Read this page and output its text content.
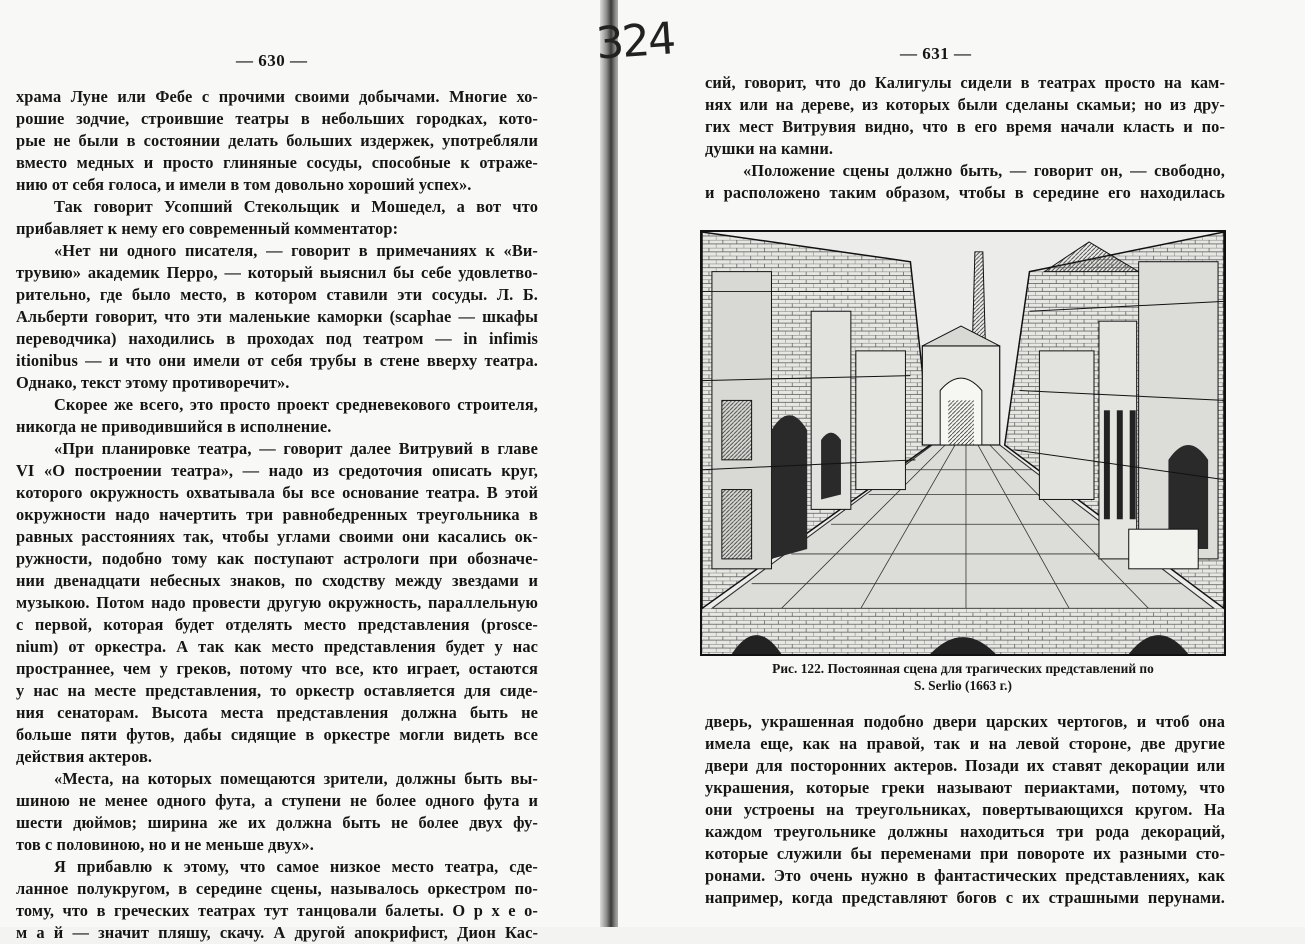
— 630 —
храма Луне или Фебе с прочими своими добычами. Многие хо-
рошие зодчие, строившие театры в небольших городках, кото-
рые не были в состоянии делать больших издержек, употребляли
вместо медных и просто глиняные сосуды, способные к отраже-
нию от себя голоса, и имели в том довольно хороший успех».
Так говорит Усопший Стекольщик и Мошедел, а вот что
прибавляет к нему его современный комментатор:
«Нет ни одного писателя, — говорит в примечаниях к «Ви-
трувию» академик Перро, — который выяснил бы себе удовлетво-
рительно, где было место, в котором ставили эти сосуды. Л. Б.
Альберти говорит, что эти маленькие каморки (scaphae — шкафы
переводчика) находились в проходах под театром — in infimis
itionibus — и что они имели от себя трубы в стене вверху театра.
Однако, текст этому противоречит».
Скорее же всего, это просто проект средневекового строителя,
никогда не приводившийся в исполнение.
«При планировке театра, — говорит далее Витрувий в главе
VI «О построении театра», — надо из средоточия описать круг,
которого окружность охватывала бы все основание театра. В этой
окружности надо начертить три равнобедренных треугольника в
равных расстояниях так, чтобы углами своими они касались ок-
ружности, подобно тому как поступают астрологи при обозначе-
нии двенадцати небесных знаков, по сходству между звездами и
музыкою. Потом надо провести другую окружность, параллельную
с первой, которая будет отделять место представления (prosce-
nium) от оркестра. А так как место представления будет у нас
пространнее, чем у греков, потому что все, кто играет, остаются
у нас на месте представления, то оркестр оставляется для сиде-
ния сенаторам. Высота места представления должна быть не
больше пяти футов, дабы сидящие в оркестре могли видеть все
действия актеров.
«Места, на которых помещаются зрители, должны быть вы-
шиною не менее одного фута, а ступени не более одного фута и
шести дюймов; ширина же их должна быть не более двух фу-
тов с половиною, но и не меньше двух».
Я прибавлю к этому, что самое низкое место театра, сде-
ланное полукругом, в середине сцены, называлось оркестром по-
тому, что в греческих театрах тут танцовали балеты. О р х е о-
м а й — значит пляшу, скачу. А другой апокрифист, Дион Кас-
— 631 —
сий, говорит, что до Калигулы сидели в театрах просто на кам-
нях или на дереве, из которых были сделаны скамьи; но из дру-
гих мест Витрувия видно, что в его время начали класть и по-
душки на камни.
«Положение сцены должно быть, — говорит он, — свободно,
и расположено таким образом, чтобы в середине его находилась
Рис. 122. Постоянная сцена для трагических представлений по
S. Serlio (1663 г.)
дверь, украшенная подобно двери царских чертогов, и чтоб она
имела еще, как на правой, так и на левой стороне, две другие
двери для посторонних актеров. Позади их ставят декорации или
украшения, которые греки называют периактами, потому, что
они устроены на треугольниках, повертывающихся кругом. На
каждом треугольнике должны находиться три рода декораций,
которые служили бы переменами при повороте их разными сто-
ронами. Это очень нужно в фантастических представлениях, как
например, когда представляют богов с их страшными перунами.
324
